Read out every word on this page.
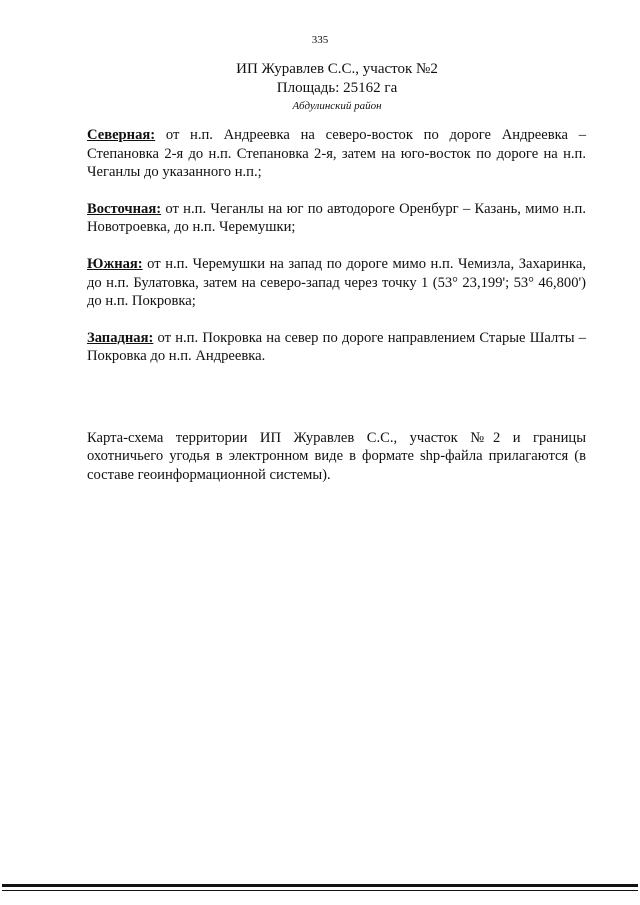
335
ИП Журавлев С.С., участок №2
Площадь: 25162 га
Абдулинский район

Северная: от н.п. Андреевка на северо-восток по дороге Андреевка – Степановка 2-я до н.п. Степановка 2-я, затем на юго-восток по дороге на н.п. Чеганлы до указанного н.п.;

Восточная: от н.п. Чеганлы на юг по автодороге Оренбург – Казань, мимо н.п. Новотроевка, до н.п. Черемушки;

Южная: от н.п. Черемушки на запад по дороге мимо н.п. Чемизла, Захаринка, до н.п. Булатовка, затем на северо-запад через точку 1 (53° 23,199'; 53° 46,800') до н.п. Покровка;

Западная: от н.п. Покровка на север по дороге направлением Старые Шалты – Покровка до н.п. Андреевка.

Карта-схема территории ИП Журавлев С.С., участок №2 и границы охотничьего угодья в электронном виде в формате shp-файла прилагаются (в составе геоинформационной системы).
